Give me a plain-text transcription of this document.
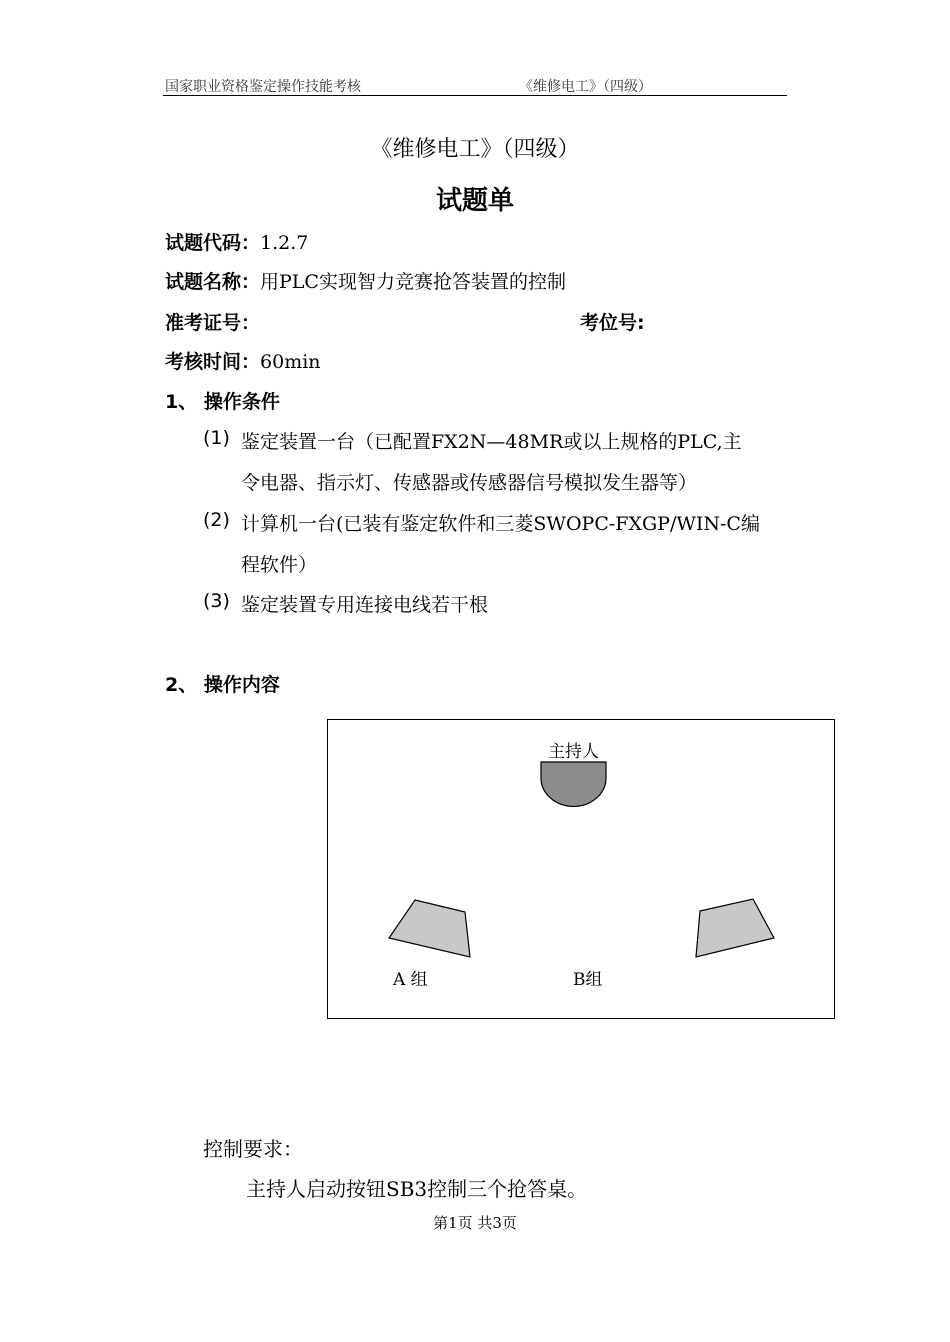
国家职业资格鉴定操作技能考核	《维修电工》（四级）
《维修电工》（四级）
试题单
试题代码：1.2.7
试题名称：用PLC实现智力竞赛抢答装置的控制
准考证号：	考位号:
考核时间：60min
1、 操作条件
(1) 鉴定装置一台（已配置FX2N—48MR或以上规格的PLC,主
令电器、指示灯、传感器或传感器信号模拟发生器等）
(2) 计算机一台(已装有鉴定软件和三菱SWOPC-FXGP/WIN-C编
程软件）
(3) 鉴定装置专用连接电线若干根
2、 操作内容
主持人
A 组	B组
控制要求：
主持人启动按钮SB3控制三个抢答桌。
第1页 共3页
